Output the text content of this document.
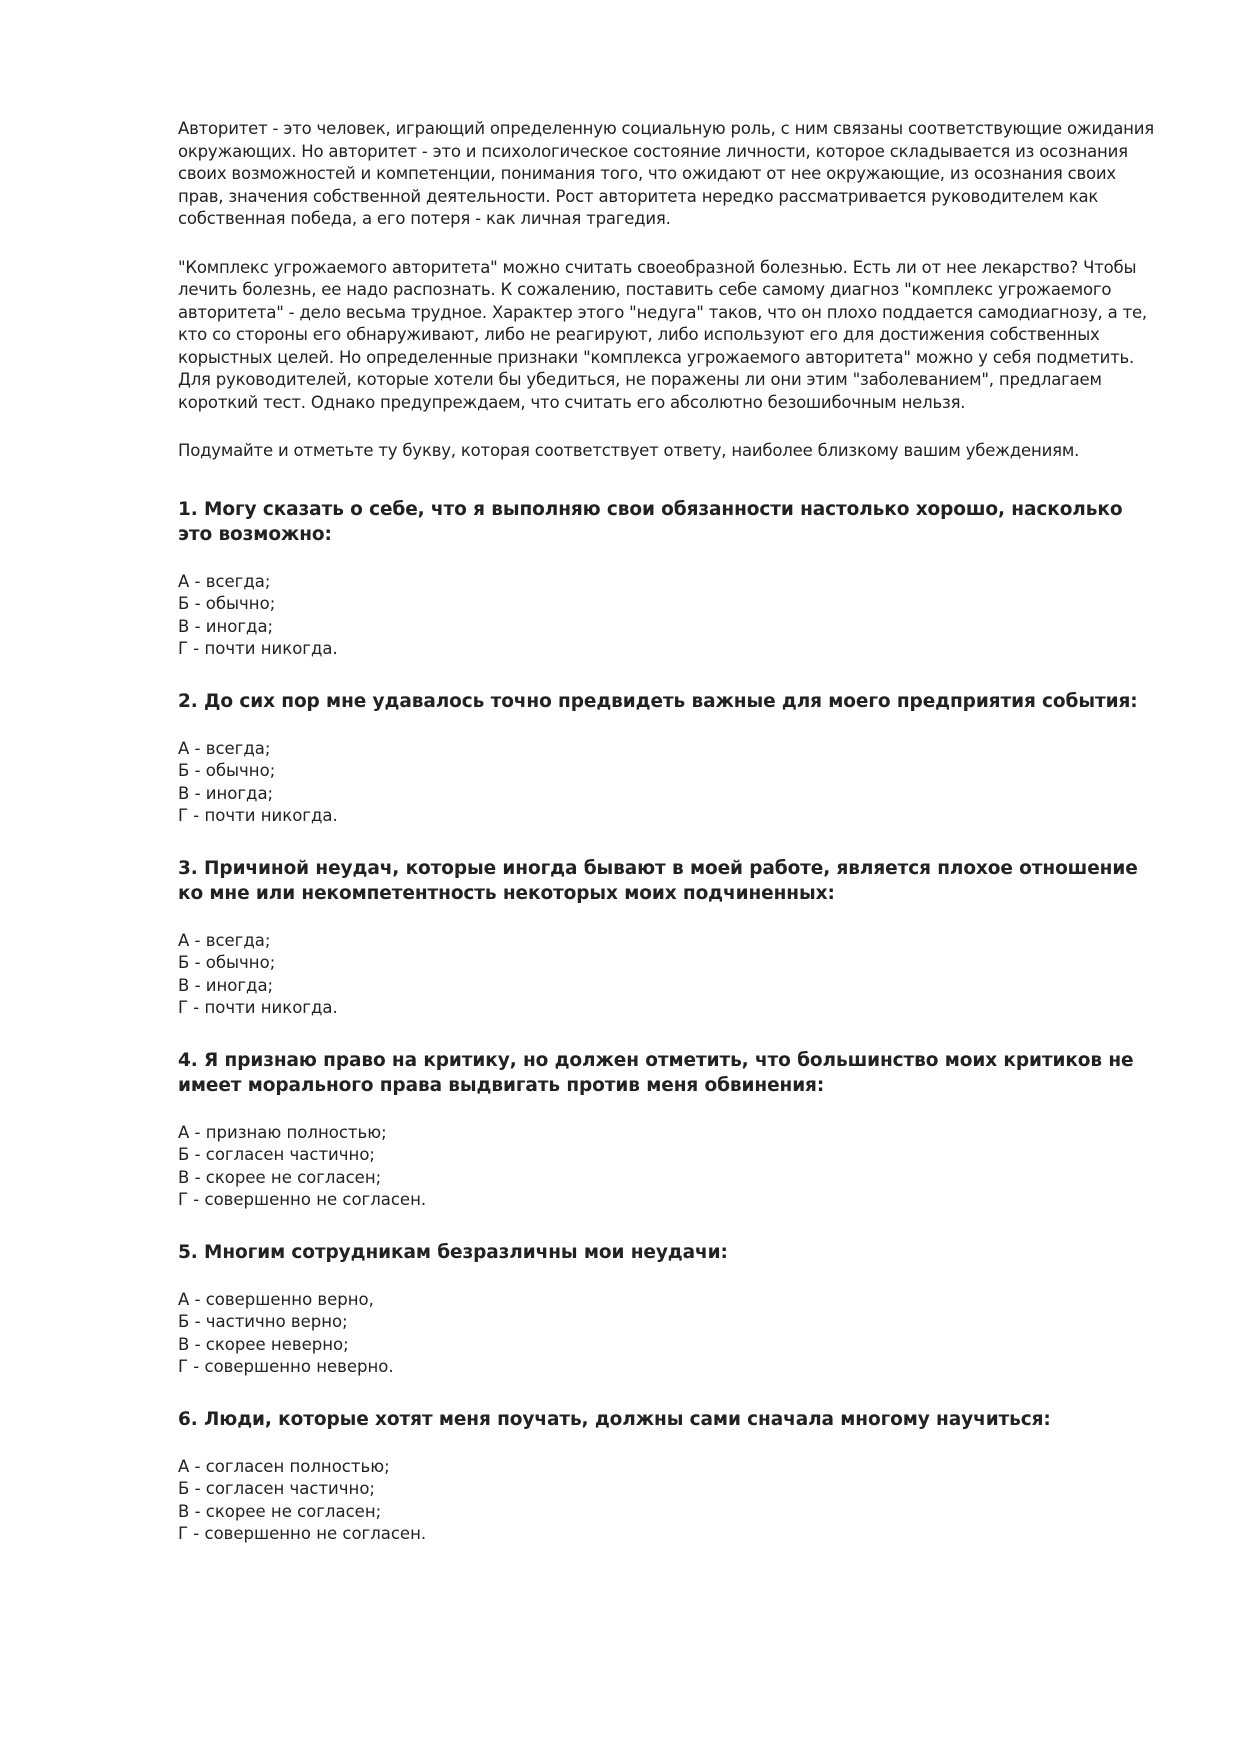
Авторитет - это человек, играющий определенную социальную роль, с ним связаны соответствующие ожидания окружающих. Но авторитет - это и психологическое состояние личности, которое складывается из осознания своих возможностей и компетенции, понимания того, что ожидают от нее окружающие, из осознания своих прав, значения собственной деятельности. Рост авторитета нередко рассматривается руководителем как собственная победа, а его потеря - как личная трагедия.

"Комплекс угрожаемого авторитета" можно считать своеобразной болезнью. Есть ли от нее лекарство? Чтобы лечить болезнь, ее надо распознать. К сожалению, поставить себе самому диагноз "комплекс угрожаемого авторитета" - дело весьма трудное. Характер этого "недуга" таков, что он плохо поддается самодиагнозу, а те, кто со стороны его обнаруживают, либо не реагируют, либо используют его для достижения собственных корыстных целей. Но определенные признаки "комплекса угрожаемого авторитета" можно у себя подметить. Для руководителей, которые хотели бы убедиться, не поражены ли они этим "заболеванием", предлагаем короткий тест. Однако предупреждаем, что считать его абсолютно безошибочным нельзя.

Подумайте и отметьте ту букву, которая соответствует ответу, наиболее близкому вашим убеждениям.

1. Могу сказать о себе, что я выполняю свои обязанности настолько хорошо, насколько это возможно:
А - всегда;
Б - обычно;
В - иногда;
Г - почти никогда.
2. До сих пор мне удавалось точно предвидеть важные для моего предприятия события:
А - всегда;
Б - обычно;
В - иногда;
Г - почти никогда.
3. Причиной неудач, которые иногда бывают в моей работе, является плохое отношение ко мне или некомпетентность некоторых моих подчиненных:
А - всегда;
Б - обычно;
В - иногда;
Г - почти никогда.
4. Я признаю право на критику, но должен отметить, что большинство моих критиков не имеет морального права выдвигать против меня обвинения:
А - признаю полностью;
Б - согласен частично;
В - скорее не согласен;
Г - совершенно не согласен.
5. Многим сотрудникам безразличны мои неудачи:
А - совершенно верно,
Б - частично верно;
В - скорее неверно;
Г - совершенно неверно.
6. Люди, которые хотят меня поучать, должны сами сначала многому научиться:
А - согласен полностью;
Б - согласен частично;
В - скорее не согласен;
Г - совершенно не согласен.
